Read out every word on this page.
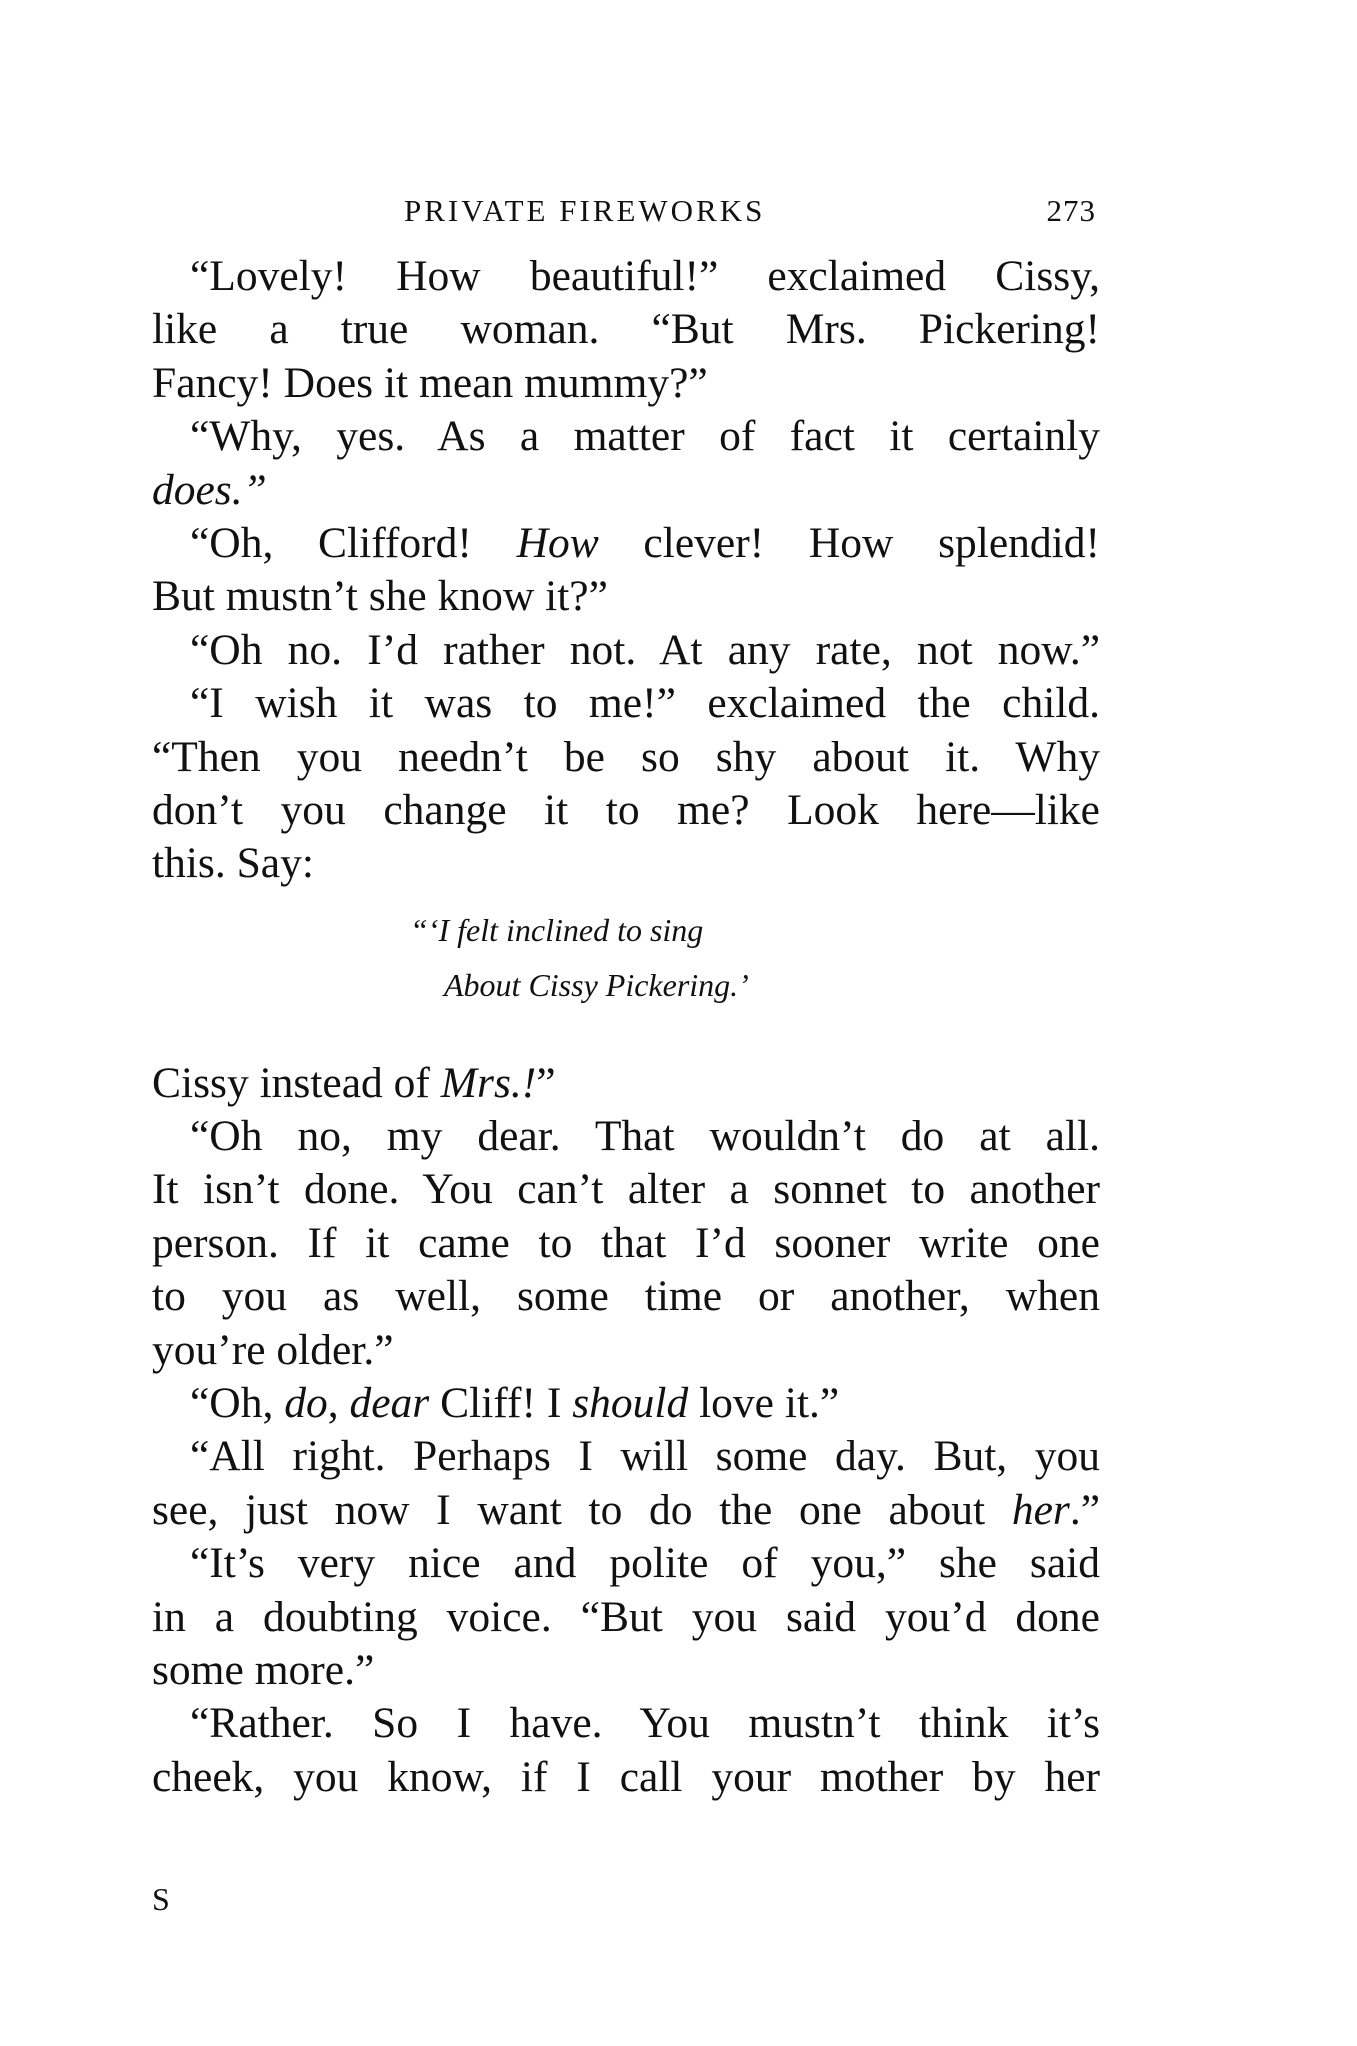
PRIVATE FIREWORKS	273
“Lovely! How beautiful!” exclaimed Cissy,
like a true woman. “But Mrs. Pickering!
Fancy! Does it mean mummy?”
“Why, yes. As a matter of fact it certainly
does.”
“Oh, Clifford! How clever! How splendid!
But mustn’t she know it?”
“Oh no. I’d rather not. At any rate, not now.”
“I wish it was to me!” exclaimed the child.
“Then you needn’t be so shy about it. Why
don’t you change it to me? Look here—like
this. Say:
“‘I felt inclined to sing
About Cissy Pickering.’
Cissy instead of Mrs.!”
“Oh no, my dear. That wouldn’t do at all.
It isn’t done. You can’t alter a sonnet to another
person. If it came to that I’d sooner write one
to you as well, some time or another, when
you’re older.”
“Oh, do, dear Cliff! I should love it.”
“All right. Perhaps I will some day. But, you
see, just now I want to do the one about her.”
“It’s very nice and polite of you,” she said
in a doubting voice. “But you said you’d done
some more.”
“Rather. So I have. You mustn’t think it’s
cheek, you know, if I call your mother by her
S
